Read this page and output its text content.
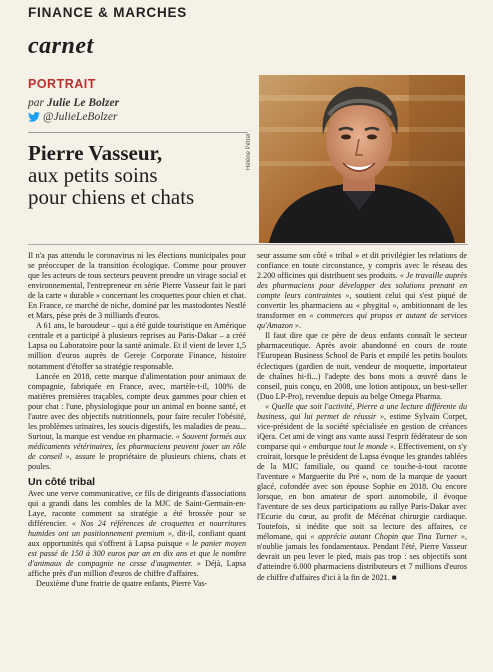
FINANCE & MARCHES
carnet
PORTRAIT
par Julie Le Bolzer
@JulieLeBolzer
Pierre Vasseur,
aux petits soins
pour chiens et chats
Hélène Pétrel

Il n'a pas attendu le coronavirus ni les élections municipales pour se préoccuper de la transition écologique. Comme pour prouver que les acteurs de tous secteurs peuvent prendre un virage social et environnemental, l'entrepreneur en série Pierre Vasseur fait le pari de la carte « durable » concernant les croquettes pour chien et chat. En France, ce marché de niche, dominé par les mastodontes Nestlé et Mars, pèse près de 3 milliards d'euros.

A 61 ans, le baroudeur – qui a été guide touristique en Amérique centrale et a participé à plusieurs reprises au Paris-Dakar – a créé Lapsa ou Laboratoire pour la santé animale. Et il vient de lever 1,5 million d'euros auprès de Gereje Corporate Finance, histoire notamment d'étoffer sa stratégie responsable.

Lancée en 2018, cette marque d'alimentation pour animaux de compagnie, fabriquée en France, avec, martèle-t-il, 100% de matières premières traçables, compte deux gammes pour chien et pour chat : l'une, physiologique pour un animal en bonne santé, et l'autre avec des objectifs nutritionnels, pour faire reculer l'obésité, les problèmes urinaires, les soucis digestifs, les maladies de peau... Surtout, la marque est vendue en pharmacie. « Souvent formés aux médicaments vétérinaires, les pharmaciens peuvent jouer un rôle de conseil », assure le propriétaire de plusieurs chiens, chats et poules.

Un côté tribal

Avec une verve communicative, ce fils de dirigeants d'associations qui a grandi dans les combles de la MJC de Saint-Germain-en-Laye, raconte comment sa stratégie a été brossée pour se différencier. « Nos 24 références de croquettes et nourritures humides ont un positionnement premium », dit-il, confiant quant aux opportunités qui s'offrent à Lapsa puisque « le panier moyen est passé de 150 à 300 euros par an en dix ans et que le nombre d'animaux de compagnie ne cesse d'augmenter. » Déjà, Lapsa affiche près d'un million d'euros de chiffre d'affaires.

Deuxième d'une fratrie de quatre enfants, Pierre Vas-

seur assume son côté « tribal » et dit privilégier les relations de confiance en toute circonstance, y compris avec le réseau des 2.200 officines qui distribuent ses produits. « Je travaille auprès des pharmaciens pour développer des solutions prenant en compte leurs contraintes », soutient celui qui s'est piqué de convertir les pharmaciens au « phygital », ambitionnant de les transformer en « commerces qui propos et autant de services qu'Amazon ».

Il faut dire que ce père de deux enfants connaît le secteur pharmaceutique. Après avoir abandonné en cours de route l'European Business School de Paris et empilé les petits boulots éclectiques (gardien de nuit, vendeur de moquette, importateur de chaînes hi-fi...) l'adepte des bons mots a œuvré dans le conseil, puis conçu, en 2008, une lotion antipoux, un best-seller (Duo LP-Pro), revendue depuis au belge Omega Pharma.

« Quelle que soit l'activité, Pierre a une lecture différente du business, qui lui permet de réussir », estime Sylvain Corpet, vice-président de la société spécialisée en gestion de créances iQera. Cet ami de vingt ans vante aussi l'esprit fédérateur de son comparse qui « embarque tout le monde ». Effectivement, on s'y croirait, lorsque le président de Lapsa évoque les grandes tablées de la MJC familiale, ou quand ce touche-à-tout raconte l'aventure « Marguerite du Pré », nom de la marque de yaourt glacé, cofondée avec son épouse Sophie en 2018. Ou encore lorsque, en bon amateur de sport automobile, il évoque l'aventure de ses deux participations au rallye Paris-Dakar avec l'Ecurie du cœur, au profit de Mécénat chirurgie cardiaque. Toutefois, si inédite que soit sa lecture des affaires, ce mélomane, qui « apprécie autant Chopin que Tina Turner », n'oublie jamais les fondamentaux. Pendant l'été, Pierre Vasseur devrait un peu lever le pied, mais pas trop : ses objectifs sont d'atteindre 6.000 pharmaciens distributeurs et 7 millions d'euros de chiffre d'affaires d'ici à la fin de 2021. ■
